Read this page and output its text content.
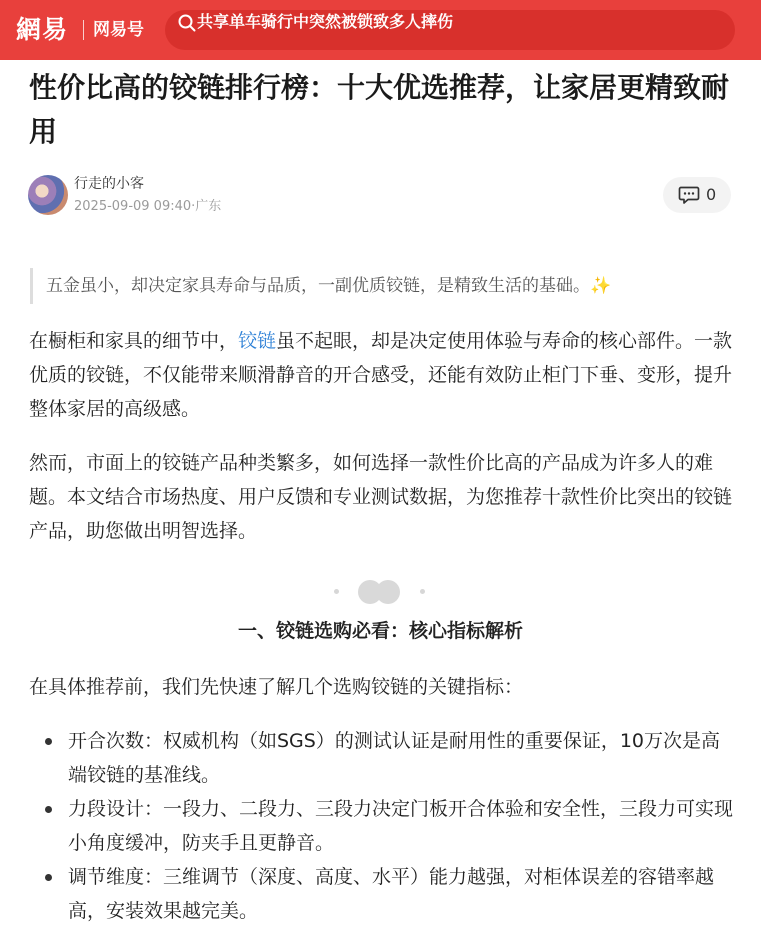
網易 网易号	共享单车骑行中突然被锁致多人摔伤
性价比高的铰链排行榜：十大优选推荐，让家居更精致耐用
行走的小客
2025-09-09 09:40·广东
0
五金虽小，却决定家具寿命与品质，一副优质铰链，是精致生活的基础。✨

在橱柜和家具的细节中，铰链虽不起眼，却是决定使用体验与寿命的核心部件。一款优质的铰链，不仅能带来顺滑静音的开合感受，还能有效防止柜门下垂、变形，提升整体家居的高级感。

然而，市面上的铰链产品种类繁多，如何选择一款性价比高的产品成为许多人的难题。本文结合市场热度、用户反馈和专业测试数据，为您推荐十款性价比突出的铰链产品，助您做出明智选择。

一、铰链选购必看：核心指标解析

在具体推荐前，我们先快速了解几个选购铰链的关键指标：

开合次数：权威机构（如SGS）的测试认证是耐用性的重要保证，10万次是高端铰链的基准线。
力段设计：一段力、二段力、三段力决定门板开合体验和安全性，三段力可实现小角度缓冲，防夹手且更静音。
调节维度：三维调节（深度、高度、水平）能力越强，对柜体误差的容错率越高，安装效果越完美。
